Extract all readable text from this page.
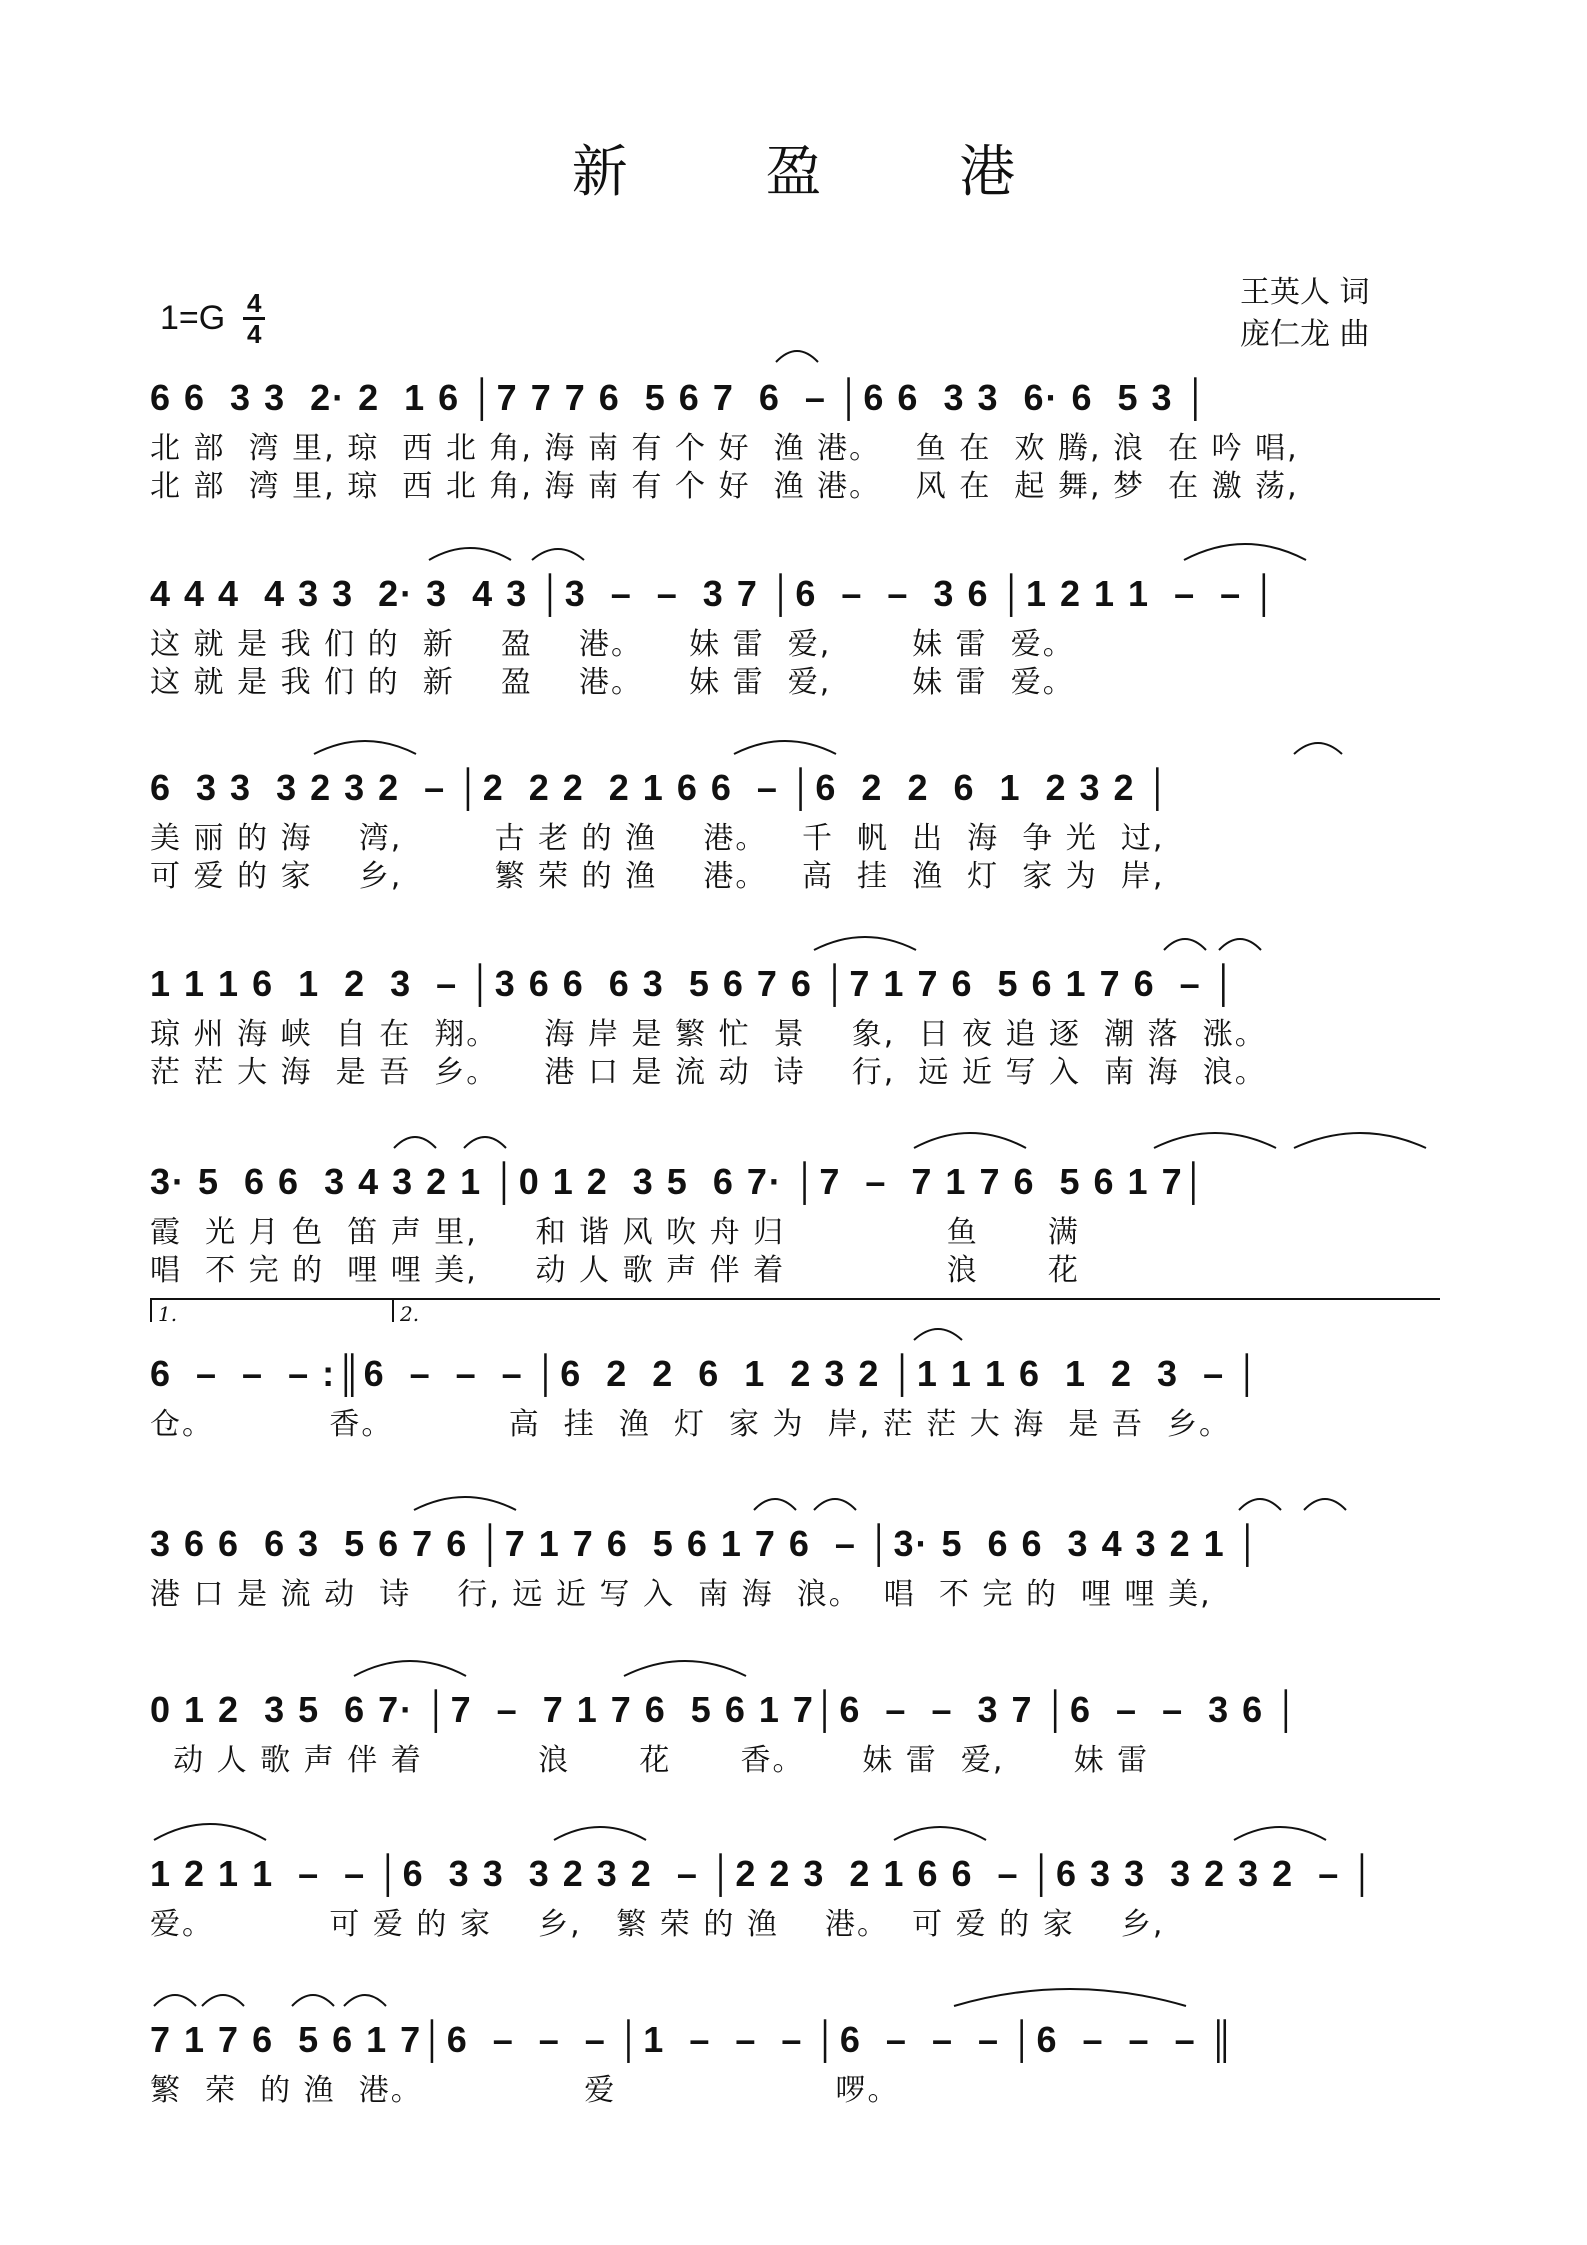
新 盈 港
1=G 4
4
王英人 词
庞仁龙 曲
6 6  3 3  2· 2  1 6 │7 7 7 6  5 6 7  6  – │6 6  3 3  6· 6  5 3 │
北 部  湾 里, 琼  西 北 角, 海 南 有 个 好  渔 港。   鱼 在  欢 腾, 浪  在 吟 唱,
北 部  湾 里, 琼  西 北 角, 海 南 有 个 好  渔 港。   风 在  起 舞, 梦  在 激 荡,
4 4 4  4 3 3  2· 3  4 3 │3  –  –  3 7 │6  –  –  3 6 │1 2 1 1  –  – │
这 就 是 我 们 的  新    盈    港。    妹 雷  爱,       妹 雷  爱。
这 就 是 我 们 的  新    盈    港。    妹 雷  爱,       妹 雷  爱。
6  3 3  3 2 3 2  – │2  2 2  2 1 6 6  – │6  2  2  6  1  2 3 2 │
美 丽 的 海    湾,        古 老 的 渔    港。   千  帆  出  海  争 光  过,
可 爱 的 家    乡,        繁 荣 的 渔    港。   高  挂  渔  灯  家 为  岸,
1 1 1 6  1  2  3  – │3 6 6  6 3  5 6 7 6 │7 1 7 6  5 6 1 7 6  – │
琼 州 海 峡  自 在  翔。    海 岸 是 繁 忙  景    象,  日 夜 追 逐  潮 落  涨。
茫 茫 大 海  是 吾  乡。    港 口 是 流 动  诗    行,  远 近 写 入  南 海  浪。
3· 5  6 6  3 4 3 2 1 │0 1 2  3 5  6 7· │7  –  7 1 7 6  5 6 1 7│
霞  光 月 色  笛 声 里,     和 谐 风 吹 舟 归              鱼      满
唱  不 完 的  哩 哩 美,     动 人 歌 声 伴 着              浪      花
1.	2.
6  –  –  – :║6  –  –  – │6  2  2  6  1  2 3 2 │1 1 1 6  1  2  3  – │
仓。          香。          高  挂  渔  灯  家 为  岸, 茫 茫 大 海  是 吾  乡。
3 6 6  6 3  5 6 7 6 │7 1 7 6  5 6 1 7 6  – │3· 5  6 6  3 4 3 2 1 │
港 口 是 流 动  诗    行, 远 近 写 入  南 海  浪。  唱  不 完 的  哩 哩 美,
0 1 2  3 5  6 7· │7  –  7 1 7 6  5 6 1 7│6  –  –  3 7 │6  –  –  3 6 │
动 人 歌 声 伴 着          浪      花      香。     妹 雷  爱,      妹 雷
1 2 1 1  –  – │6  3 3  3 2 3 2  – │2 2 3  2 1 6 6  – │6 3 3  3 2 3 2  – │
爱。          可 爱 的 家    乡,   繁 荣 的 渔    港。  可 爱 的 家    乡,
7 1 7 6  5 6 1 7│6  –  –  – │1  –  –  – │6  –  –  – │6  –  –  – ║
繁  荣  的 渔  港。              爱                   啰。
